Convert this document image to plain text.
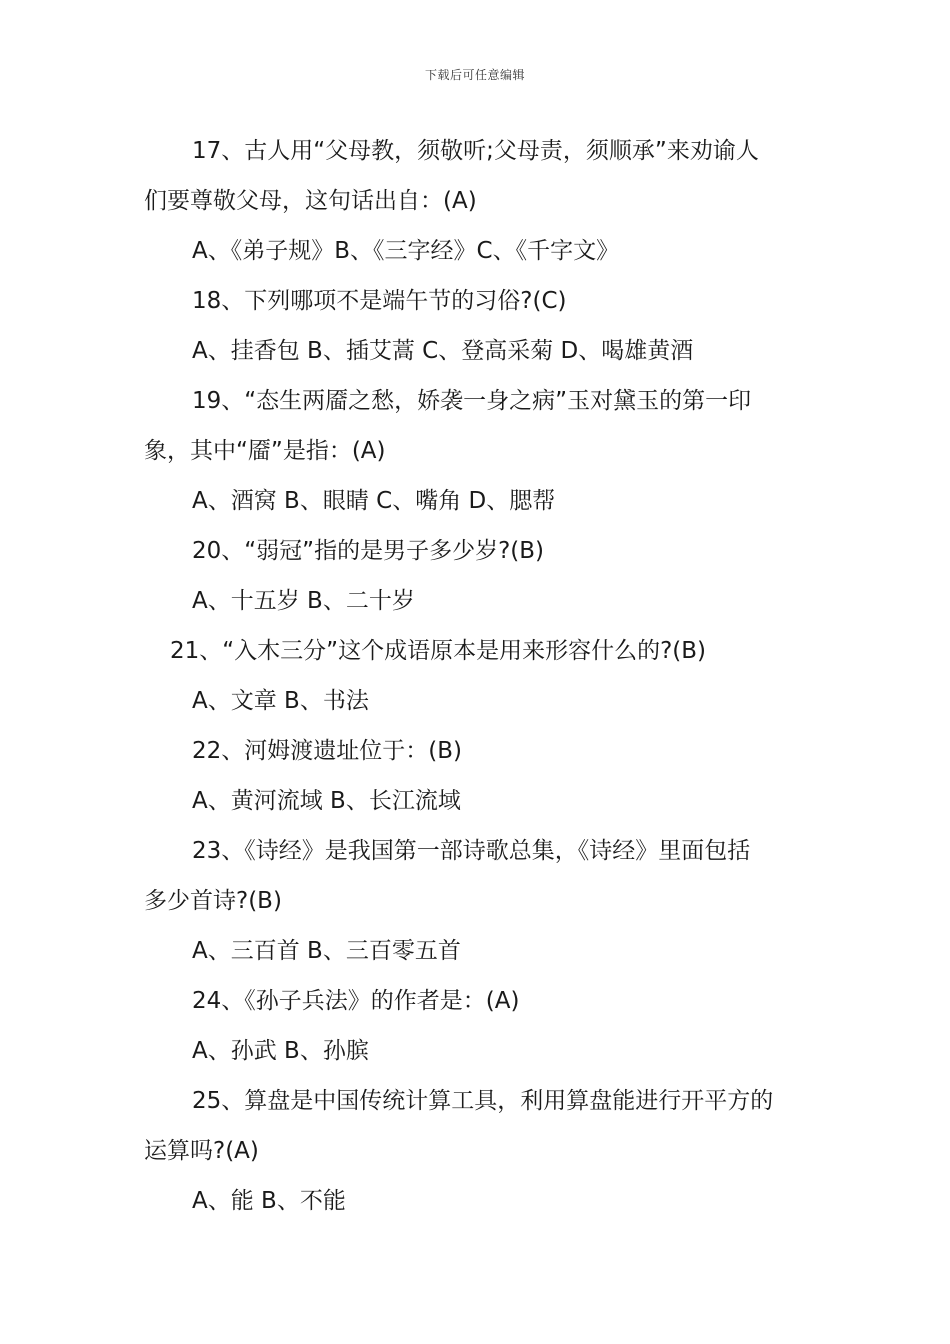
下载后可任意编辑
17、古人用“父母教，须敬听;父母责，须顺承”来劝谕人
们要尊敬父母，这句话出自：(A)
A、《弟子规》B、《三字经》C、《千字文》
18、下列哪项不是端午节的习俗?(C)
A、挂香包 B、插艾蒿 C、登高采菊 D、喝雄黄酒
19、“态生两靥之愁，娇袭一身之病”玉对黛玉的第一印
象，其中“靥”是指：(A)
A、酒窝 B、眼睛 C、嘴角 D、腮帮
20、“弱冠”指的是男子多少岁?(B)
A、十五岁 B、二十岁
21、“入木三分”这个成语原本是用来形容什么的?(B)
A、文章 B、书法
22、河姆渡遗址位于：(B)
A、黄河流域 B、长江流域
23、《诗经》是我国第一部诗歌总集，《诗经》里面包括
多少首诗?(B)
A、三百首 B、三百零五首
24、《孙子兵法》的作者是：(A)
A、孙武 B、孙膑
25、算盘是中国传统计算工具，利用算盘能进行开平方的
运算吗?(A)
A、能 B、不能
